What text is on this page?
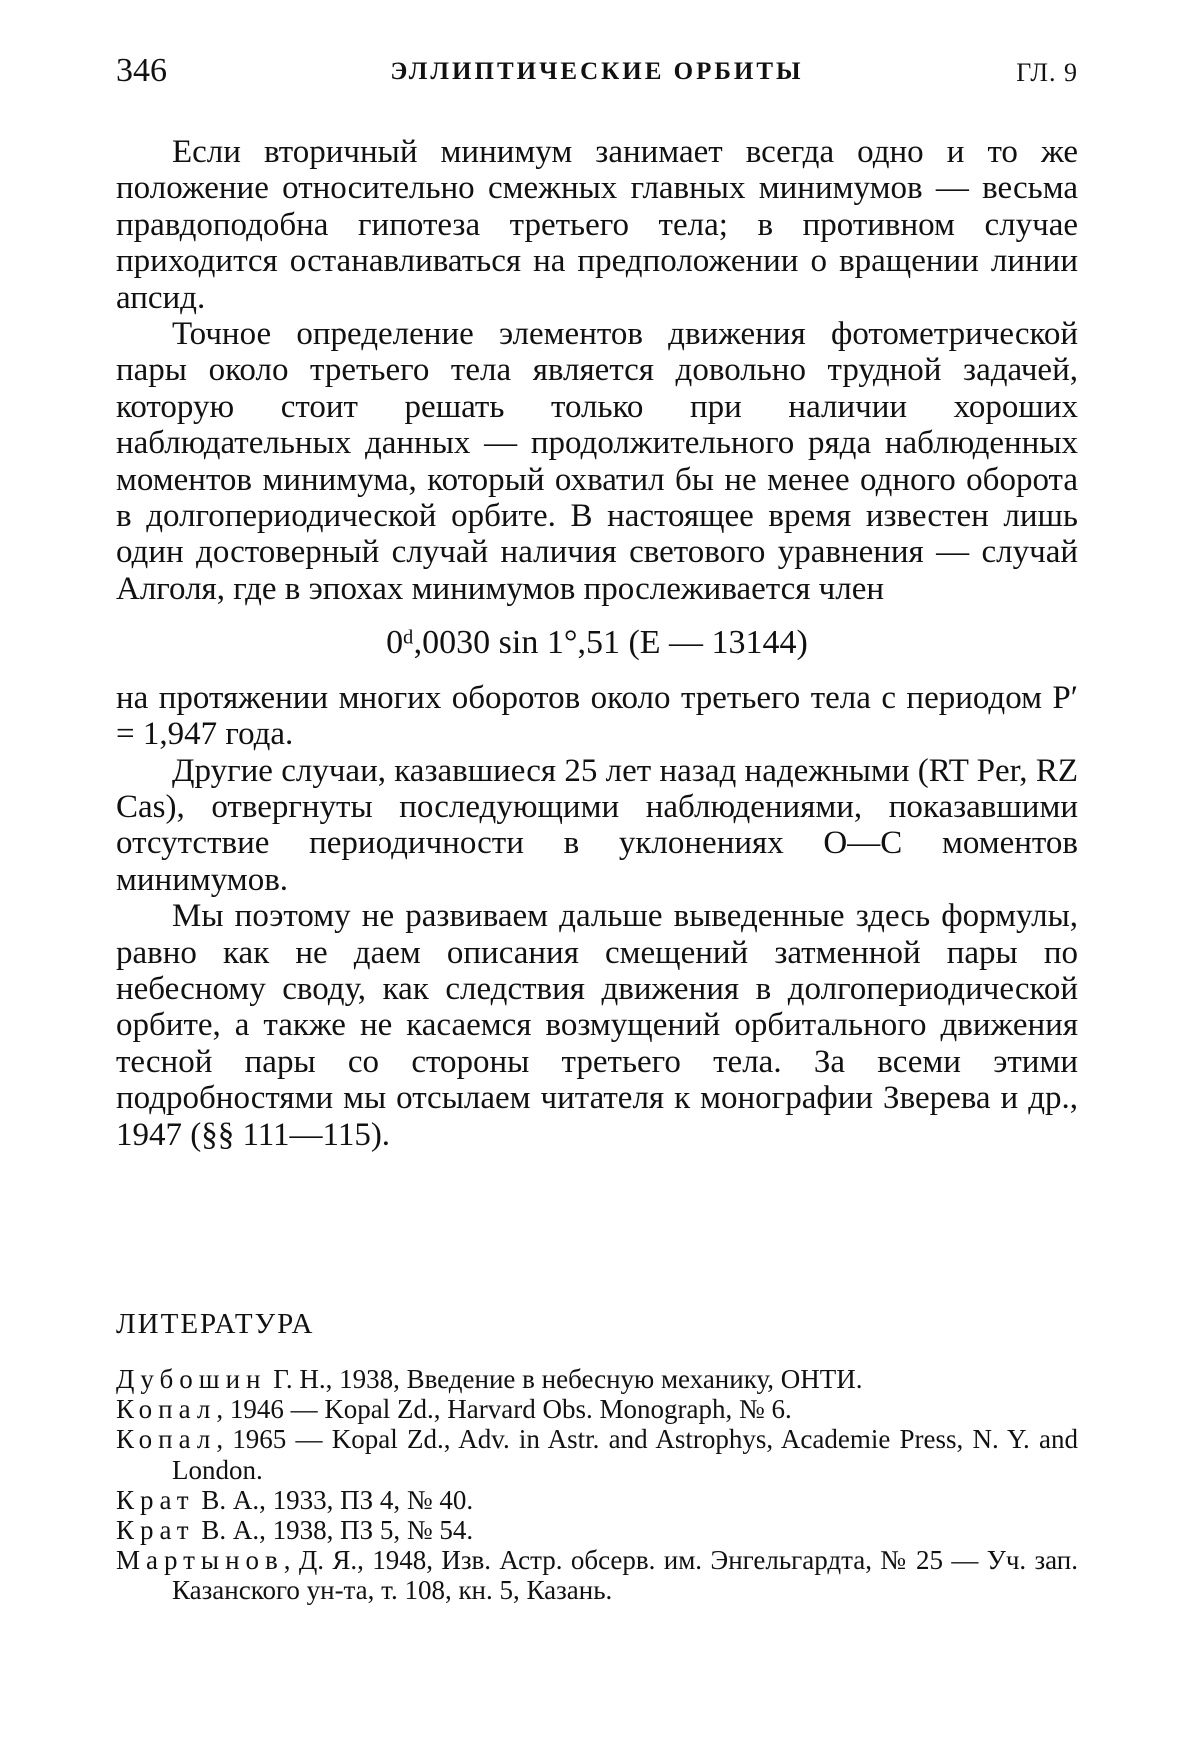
346	ЭЛЛИПТИЧЕСКИЕ ОРБИТЫ	ГЛ. 9

Если вторичный минимум занимает всегда одно и то же положение относительно смежных главных минимумов — весьма правдоподобна гипотеза третьего тела; в противном случае приходится останавливаться на предположении о вращении линии апсид.

Точное определение элементов движения фотометрической пары около третьего тела является довольно трудной задачей, которую стоит решать только при наличии хороших наблюдательных данных — продолжительного ряда наблюденных моментов минимума, который охватил бы не менее одного оборота в долгопериодической орбите. В настоящее время известен лишь один достоверный случай наличия светового уравнения — случай Алголя, где в эпохах минимумов прослеживается член

0ᵈ,0030 sin 1°,51 (E — 13144)

на протяжении многих оборотов около третьего тела с периодом P′ = 1,947 года.

Другие случаи, казавшиеся 25 лет назад надежными (RT Per, RZ Cas), отвергнуты последующими наблюдениями, показавшими отсутствие периодичности в уклонениях O—C моментов минимумов.

Мы поэтому не развиваем дальше выведенные здесь формулы, равно как не даем описания смещений затменной пары по небесному своду, как следствия движения в долгопериодической орбите, а также не касаемся возмущений орбитального движения тесной пары со стороны третьего тела. За всеми этими подробностями мы отсылаем читателя к монографии Зверева и др., 1947 (§§ 111—115).

ЛИТЕРАТУРА

Дубошин Г. Н., 1938, Введение в небесную механику, ОНТИ.

Копал, 1946 — Kopal Zd., Harvard Obs. Monograph, № 6.

Копал, 1965 — Kopal Zd., Adv. in Astr. and Astrophys, Academie Press, N. Y. and London.

Крат В. А., 1933, ПЗ 4, № 40.

Крат В. А., 1938, ПЗ 5, № 54.

Мартынов, Д. Я., 1948, Изв. Астр. обсерв. им. Энгельгардта, № 25 — Уч. зап. Казанского ун-та, т. 108, кн. 5, Казань.
